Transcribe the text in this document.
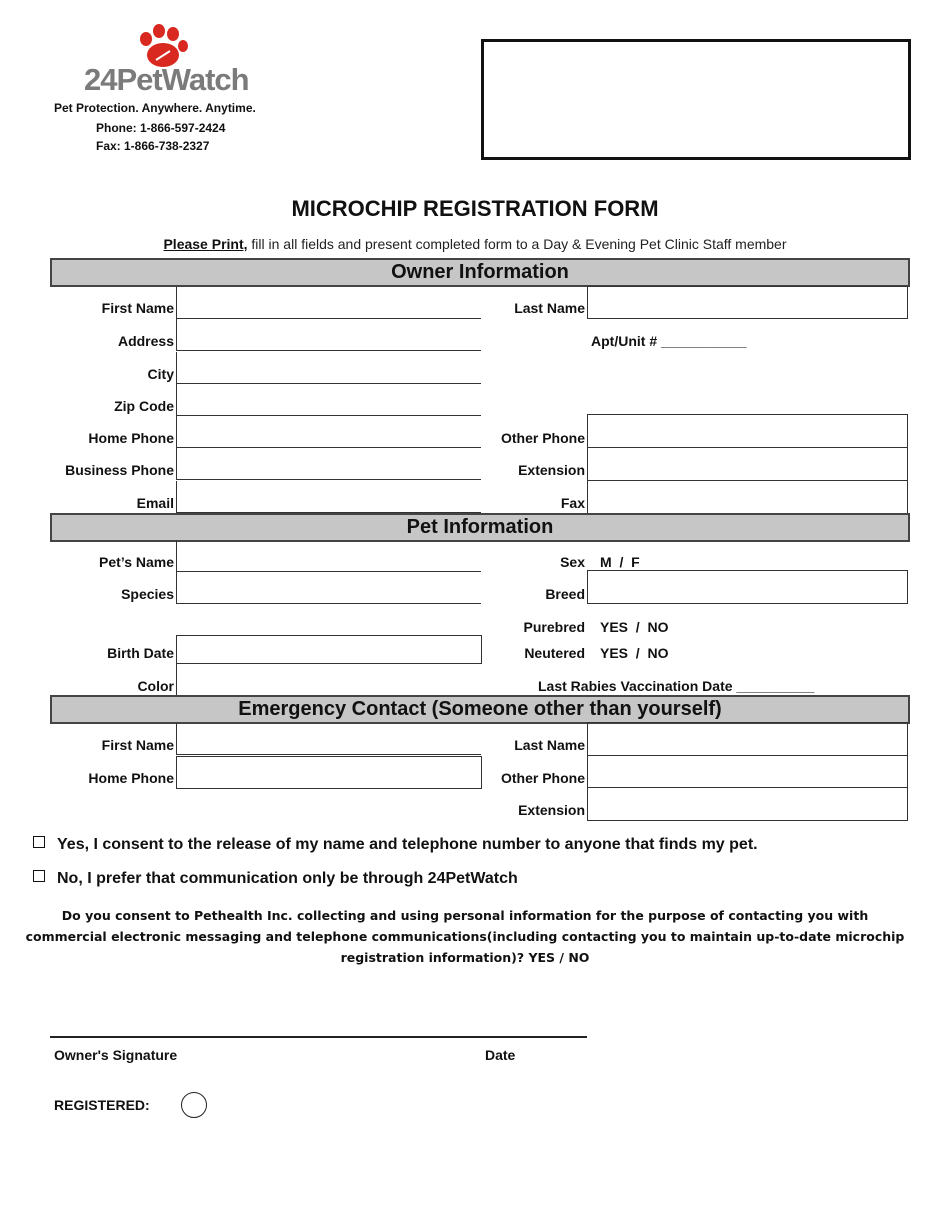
24PetWatch
Pet Protection. Anywhere. Anytime.
Phone: 1-866-597-2424
Fax: 1-866-738-2327
MICROCHIP REGISTRATION FORM
Please Print, fill in all fields and present completed form to a Day & Evening Pet Clinic Staff member
Owner Information
First Name	Last Name
Address	Apt/Unit # ___________
City
Zip Code
Home Phone	Other Phone
Business Phone	Extension
Email	Fax
Pet Information
Pet’s Name	Sex M  /  F
Species	Breed
Purebred YES  /  NO
Birth Date	Neutered YES  /  NO
Color	Last Rabies Vaccination Date __________
Emergency Contact (Someone other than yourself)
First Name	Last Name
Home Phone	Other Phone
Extension
Yes, I consent to the release of my name and telephone number to anyone that finds my pet.
No, I prefer that communication only be through 24PetWatch
Do you consent to Pethealth Inc. collecting and using personal information for the purpose of contacting you with commercial electronic messaging and telephone communications(including contacting you to maintain up-to-date microchip registration information)? YES / NO
Owner's Signature	Date
REGISTERED:
